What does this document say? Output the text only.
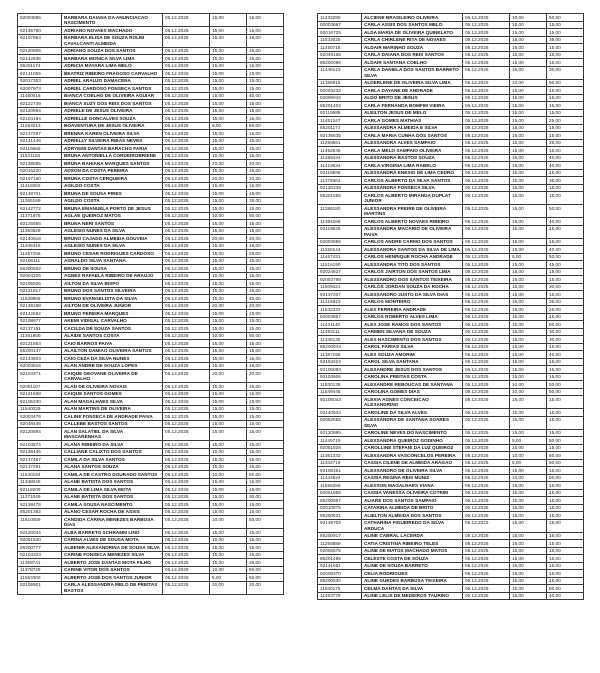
92003895	BARBARA DAIANA DA ANUNCIACAO NASCIMENTO	05.12.2025	15,00	15,00
92136790	ADRIANO NOVAES MACHADO	05.12.2025	15,00	15,00
92107953	BARBARA ELISA DE SOUZA ROLIM CAVALCANTI ALMEIDA	05.12.2025	15,00	15,00
92120905	ADRIANO SOUZA DOS SANTOS	05.12.2025	15,00	15,00
92142636	BARBARA MONICA SILVA LIMA	05.12.2025	15,00	15,00
85201174	ADRICIA MAYARA LIMA MELO	05.12.2025	15,00	15,00
92141065	BEATRIZ RIBEIRO FRAGOSO CARVALHO	05.12.2025	15,00	15,00
92017353	ADRIEL ARAUJO DAMACENA	05.12.2025	15,00	15,00
92007973	ADRIEL CARDOSO FONSECA SANTOS	05.12.2025	15,00	15,00
11450016	BIANCA COELHO DE OLIVEIRA AGUIAR	05.12.2025	15,00	40,00
92122739	BIANCA SUZY DOS REIS DOS SANTOS	05.12.2025	15,00	15,00
92120994	ADRIELE DE JESUS OLIVEIRA	05.12.2025	15,00	15,00
92104194	ADRIELLE GONCALVES SOUZA	05.12.2025	15,00	15,00
11253213	BOAVENTURA DE JESUS OLIVEIRA	05.12.2025	5,00	50,00
92137287	BRENNA KAREN OLIVEIRA SILVA	05.12.2025	15,00	15,00
92141446	ADRIELLY SILVEIRA RIBAS NEVES	05.12.2025	15,00	15,00
92119665	ADRYEINI DANTAS BARACHO FARIA	05.12.2025	15,00	15,00
11531184	BRUNA ANTONIELLA CORDEIROBRIENE	05.12.2025	15,00	15,00
92138595	BRUNA BAHIANA MARQUES SANTOS	05.12.2025	20,00	20,00
92016220	ADSON DA COSTA PEREIRA	05.12.2025	15,00	15,00
92107160	BRUNA COSTA CERQUEIRA	05.12.2025	20,00	20,00
11418262	AGILDO COSTA	05.12.2025	15,00	15,00
92138701	BRUNA DE SOUSA PIRES	05.12.2025	15,00	15,00
11365169	AGILDO COSTA	05.12.2025	15,00	35,00
92142772	BRUNA EMANUELA PORTO DE JESUS	05.12.2025	15,00	15,00
11371875	AGLAE QUEIROZ MATOS	05.12.2025	10,00	50,00
92125566	BRUNA NERI SANTOS	05.12.2025	15,00	15,00
11383529	AGLESIO NUNES DA SILVA	05.12.2025	15,00	15,00
92140918	BRUNO CAJADO ALMEIDA GOUVEIA	05.12.2025	20,00	20,00
11346315	AGLESIO NUNES DA SILVA	05.12.2025	15,00	15,00
11457255	BRUNO CESAR RODRIGUES CARDOSO	05.12.2025	15,00	25,00
92106111	AGNALDO SILVA SANTANA	05.12.2025	15,00	15,00
85200552	BRUNO DE SOUSA	05.12.2025	15,00	15,00
92004326	AGNES RAFAELA RIBEIRO DE ARAUJO	05.12.2025	15,00	15,00
92105926	AILTON DA SILVA BISPO	05.12.2025	15,00	15,00
92121817	BRUNO DOS SANTOS SILVEIRA	05.12.2025	15,00	15,00
11529955	BRUNO EVANGELISTA DA SILVA	05.12.2025	15,00	40,00
92138188	AILTON DE OLIVEIRA JUNIOR	05.12.2025	20,00	20,00
92142692	BRUNO PEREIRA MARQUES	05.12.2025	15,00	15,00
92108677	AKEMI VIDIGAL CARVALHO	05.12.2025	15,00	15,00
92137151	CACILDA DE SOUZA SANTOS	05.12.2025	15,00	15,00
11351860	ALAIDE SANTOS COSTA	05.12.2025	10,00	50,00
92121863	CAIO BARROS PAIVA	05.12.2025	15,00	15,00
85200137	ALAILTON DAMIAO OLIVEIRA SANTOS	05.12.2025	15,00	15,00
92143603	CAIO CEZA DA SILVA NUNES	05.12.2025	15,00	15,00
92003816	ALAN ANDRE DE SOUZA LOPES	05.12.2025	15,00	15,00
92103371	CAIQUE GEOVANE OLIVEIRA DE CARVALHO	05.12.2025	20,00	20,00
92051107	ALAN DE OLIVEIRA NOVAIS	05.12.2025	15,00	15,00
92121568	CAIQUE SANTOS GOMES	05.12.2025	15,00	15,00
92106330	ALAN MAGALHAES SILVA	05.12.2025	15,00	15,00
11540025	ALAN MARTINS DE OLIVEIRA	05.12.2025	15,00	15,00
92003479	CALINE FONSECA DE ANDRADE PAIVA	05.12.2025	15,00	15,00
92048448	CALLEBE BASTOS SANTOS	05.12.2025	15,00	15,00
92120894	ALAN SALATIEL DA SILVA MASCARENHAS	05.12.2025	15,00	15,00
92104874	ALANA RIBEIRO DA SILVA	05.12.2025	15,00	15,00
92138445	CALLIANE CALIXTO DOS SANTOS	05.12.2025	15,00	15,00
92137467	CAMILA DA SILVA SANTOS	05.12.2025	15,00	15,00
92137291	ALANA SANTOS SOUZA	05.12.2025	15,00	15,00
11540184	CAMILA DE CASTRO DOURADO SANTOS	05.12.2025	10,00	50,00
11348045	ALANE BATISTA DOS SANTOS	05.12.2025	15,00	15,00
92119209	CAMILA DE LIMA SILVA MOTA	05.12.2025	15,00	15,00
11371049	ALANE BATISTA DOS SANTOS	05.12.2025	15,00	30,00
92138475	CAMILA SOUSA NASCIMENTO	05.12.2025	15,00	15,00
85201392	ALANO CESAR ROCHA DE ASSIS	05.12.2025	15,00	15,00
11510059	CANDIDA CARINA MENEZES BARBOSA DIAS	05.12.2025	10,00	50,00
92120034	ALBA BARRETO SCHRAMM LINO	05.12.2025	15,00	15,00
92051540	CARINA ALVES DE SOUSA MOTA	05.12.2025	15,00	15,00
85200777	ALBENIR ALEXANDRINA DE SOUSA SILVA	05.12.2025	15,00	15,00
92104323	CARINE FONSECA MENEZES SILVA	05.12.2025	15,00	15,00
11369741	ALBERTO JOSE DANTAS MOTA FILHO	05.12.2025	15,00	25,00
11378729	CARINE VITOR DOS SANTOS	05.12.2025	10,00	50,00
11553300	ALBERTO JOSE DOS SANTOS JUNIOR	05.12.2025	5,00	50,00
92105901	CARLA ALESSANDRA MELO DE FREITAS BASTOS	05.12.2025	20,00	20,00
11432290	ALCIENE BRASILEIRO OLIVEIRA	05.12.2025	10,00	50,00
92003667	CARLA ASSIS DOS SANTOS MELO	05.12.2025	15,00	15,00
92016725	ALDA MARIA DE OLIVEIRA QUINELATO	05.12.2025	15,00	15,00
11532025	CARLA CHIRLENE RITA DE NOVAES	05.12.2025	15,00	35,00
11450716	ALDAIR MARINHO SOUZA	05.12.2025	15,00	15,00
92049165	CARLA DAIANA DOS REIS SANTOS	05.12.2025	15,00	15,00
85200096	ALDAIR SANTANA COELHO	05.12.2025	15,00	15,00
11445123	CARLA DANIELA DOS SANTOS BARRETO SILVA	05.12.2025	15,00	30,00
11355916	ALDERLENE DE OLIVEIRA SILVA LIMA	05.12.2025	10,00	50,00
92004232	CARLA DAYANE DE ANDRADE	05.12.2025	15,00	15,00
92006942	ALDO BRITO DE JESUS	05.12.2025	15,00	15,00
85201402	CARLA FERNANDA BOMFIM VIEIRA	05.12.2025	15,00	15,00
92119588	ALEILTON JESUS DE MELO	05.12.2025	15,00	15,00
11451247	CARLA GOMES MATHIAS	05.12.2025	15,00	25,00
85201173	ALESSANDRA ALMEIDA E SILVA	05.12.2025	15,00	15,00
92136635	CARLA MARIA CUNHA DOS SANTOS	05.12.2025	15,00	15,00
11259561	ALESSANDRA ALVES SAMPAIO	05.12.2025	15,00	35,00
11452635	CARLA MELO SAMPAIO OLIVEIRA	05.12.2025	15,00	15,00
11259434	ALESSANDRA BASTOS SOUZA	05.12.2025	15,00	40,00
11419634	CARLA VIRGINIA LIMA RABELO	05.12.2025	15,00	40,00
92119595	ALESSANDRA ENESIO DE LIMA CEDRO	05.12.2025	15,00	15,00
11378364	CARLOS ALBERTO DA SILVA SANTOS	05.12.2025	15,00	35,00
92120339	ALESSANDRA FONSECA SILVA	05.12.2025	15,00	15,00
85201555	CARLOS ALBERTO MIRANDA DUPLAT JUNIOR	05.12.2025	15,00	15,00
11386180	ALESSANDRA FREIRE DE OLIVEIRA MARTINS	05.12.2025	15,00	50,00
11384268	CARLOS ALBERTO NOVAES RIBEIRO	05.12.2025	15,00	40,00
92119625	ALESSANDRA MACARIO DE OLIVEIRA PAIVA	05.12.2025	15,00	15,00
92003955	CARLOS ANDRE CARMO DOS SANTOS	05.12.2025	15,00	15,00
11260144	ALESSANDRA SANTOS DA SILVA DE LIMA	05.12.2025	15,00	40,00
11457431	CARLOS HENRIQUE ROCHA ANDRADE	05.12.2025	5,00	50,00
11516190	ALESSANDRA TITO DOS SANTOS	05.12.2025	15,00	45,00
92024827	CARLOS JAIRTON DOS SANTOS LIMA	05.12.2025	15,00	15,00
92003798	ALESSANDRO DOS SANTOS TEIXEIRA	05.12.2025	15,00	15,00
11509421	CARLOS JORDAN SOUZA DA ROCHA	05.12.2025	15,00	30,00
92137207	ALESSANDRO JUSTO DA SILVA DIAS	05.12.2025	15,00	15,00
11315923	CARLOS MONTEIRO	05.12.2025	15,00	35,00
11532333	ALEX FERREIRA ANDRADE	05.12.2025	15,00	25,00
92003867	CARLOS ROBERTO ALVES LIMA	05.12.2025	15,00	15,00
11421140	ALEX JOSE RAMOS DOS SANTOS	05.12.2025	15,00	50,00
11453111	CARMEN SILVANA DE SOUZA	05.12.2025	15,00	30,00
11346135	ALEX NASCIMENTO DOS SANTOS	05.12.2025	15,00	30,00
85200943	CAROL FARIAS SILVA	05.12.2025	15,00	15,00
11387155	ALEX SOUZA AMORIM	05.12.2025	15,00	40,00
92104224	CAROL SILVA SANTANA	05.12.2025	15,00	15,00
92105083	ALEXANDRE JESUS DOS SANTOS	05.12.2025	15,00	15,00
92103606	CAROLINA FREITAS COSTA	05.12.2025	15,00	15,00
11530138	ALEXANDRE REBOUCAS DE SANTANA	05.12.2025	10,00	50,00
11549445	CAROLINA GOMES DIAS	05.12.2025	10,00	50,00
92105043	ALEXIA AGNES CONCEICAO ALEXANDRINO	05.12.2025	15,00	15,00
92140934	CAROLINE DA SILVA ALVES	05.12.2025	15,00	15,00
92052658	ALEXSANDRA DE SANTANA SOARES SILVA	05.12.2025	15,00	15,00
92120995	CAROLINE NEVES DO NASCIMENTO	05.12.2025	15,00	15,00
11449719	ALEXSANDRA QUEIROZ GODINHO	05.12.2025	5,00	50,00
92051526	CAROLLINE STEFANI DA LUZ QUEIROZ	05.12.2025	15,00	15,00
11351332	ALEXSANDRA VASCONCELOS PEREIRA	05.12.2025	10,00	50,00
11342719	CASSIA CILENE DE ALMEIDA ARAGAO	05.12.2025	5,00	50,00
92105161	ALEXSANDRO DE OLIVEIRA SILVA	05.12.2025	15,00	15,00
11444924	CASSIA REGINA REIS MUNIZ	05.12.2025	10,00	50,00
11555259	ALEXSON MAGALHAES VIANA	05.12.2025	15,00	15,00
92051658	CASSIA VANESSA OLIVEIRA COTRIM	05.12.2025	15,00	15,00
85200967	ALIARE DOS SANTOS SAMPAIO	05.12.2025	15,00	15,00
92010875	CATARINA ALMEIDA DE BRITO	05.12.2025	15,00	15,00
85200621	ALIELTON ALMEIDA DOS SANTOS	05.12.2025	15,00	15,00
92139709	CATHARINA FIGUEIREDO DA SILVA ARDUCA	05.12.2025	15,00	15,00
85200917	ALINE CABRAL LACERDA	05.12.2025	15,00	15,00
11258889	CATIA CRISTINA RIBEIRO TELES	05.12.2025	15,00	15,00
92006575	ALINE DE MATOS MACHADO MATOS	05.12.2025	15,00	15,00
85201495	CELESTE COSTA DE SOUZA	05.12.2025	15,00	15,00
92141651	ALINE DE SOUZA BARRETO	05.12.2025	15,00	15,00
92008370	CELIA RODRIGUES	05.12.2025	15,00	15,00
85200530	ALINE GUEDES BARBOSA TEIXEIRA	05.12.2025	15,00	15,00
11540175	CELMA DANTAS DA SILVA	05.12.2025	15,00	50,00
11453779	ALINE LELIS DE MEDEIROS TAURINO	05.12.2025	15,00	40,00
